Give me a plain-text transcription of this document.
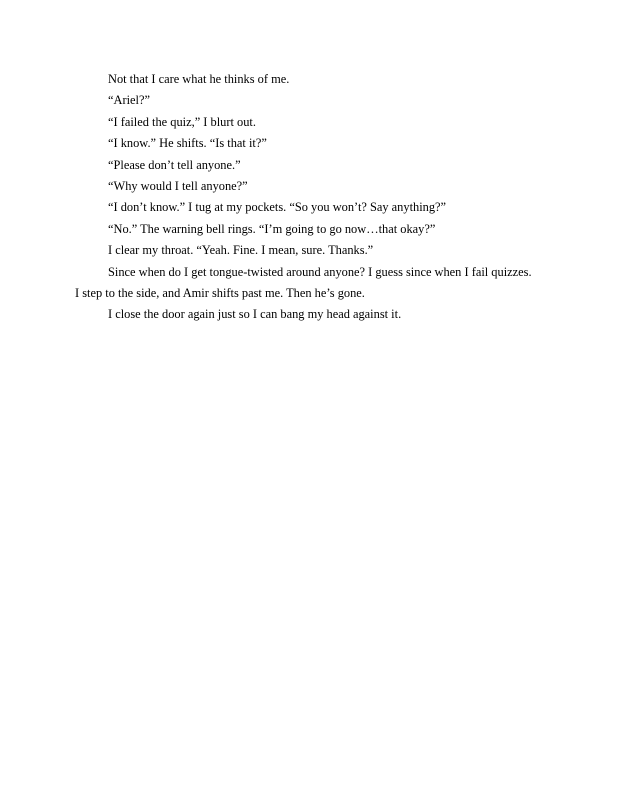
Not that I care what he thinks of me.

“Ariel?”

“I failed the quiz,” I blurt out.

“I know.” He shifts. “Is that it?”

“Please don’t tell anyone.”

“Why would I tell anyone?”

“I don’t know.” I tug at my pockets. “So you won’t? Say anything?”

“No.” The warning bell rings. “I’m going to go now…that okay?”

I clear my throat. “Yeah. Fine. I mean, sure. Thanks.”

Since when do I get tongue-twisted around anyone? I guess since when I fail quizzes. I step to the side, and Amir shifts past me. Then he’s gone.

I close the door again just so I can bang my head against it.
